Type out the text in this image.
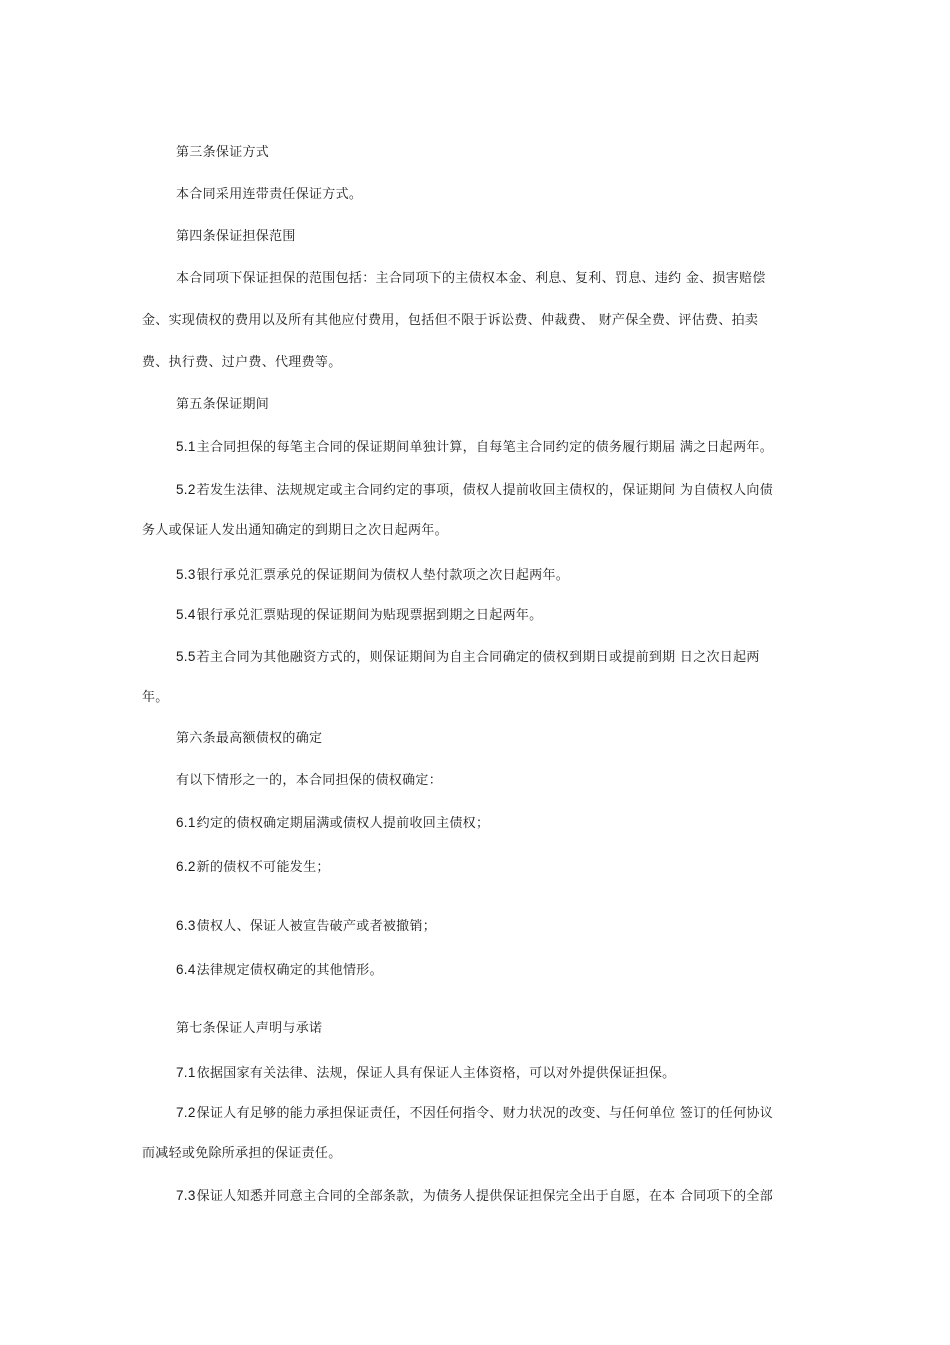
第三条保证方式
本合同采用连带责任保证方式。
第四条保证担保范围
本合同项下保证担保的范围包括：主合同项下的主债权本金、利息、复利、罚息、违约 金、损害赔偿
金、实现债权的费用以及所有其他应付费用，包括但不限于诉讼费、仲裁费、 财产保全费、评估费、拍卖
费、执行费、过户费、代理费等。
第五条保证期间
5.1主合同担保的每笔主合同的保证期间单独计算，自每笔主合同约定的债务履行期届 满之日起两年。
5.2若发生法律、法规规定或主合同约定的事项，债权人提前收回主债权的，保证期间 为自债权人向债
务人或保证人发出通知确定的到期日之次日起两年。
5.3银行承兑汇票承兑的保证期间为债权人垫付款项之次日起两年。
5.4银行承兑汇票贴现的保证期间为贴现票据到期之日起两年。
5.5若主合同为其他融资方式的，则保证期间为自主合同确定的债权到期日或提前到期 日之次日起两
年。
第六条最高额债权的确定
有以下情形之一的，本合同担保的债权确定：
6.1约定的债权确定期届满或债权人提前收回主债权；
6.2新的债权不可能发生；
6.3债权人、保证人被宣告破产或者被撤销；
6.4法律规定债权确定的其他情形。
第七条保证人声明与承诺
7.1依据国家有关法律、法规，保证人具有保证人主体资格，可以对外提供保证担保。
7.2保证人有足够的能力承担保证责任，不因任何指令、财力状况的改变、与任何单位 签订的任何协议
而减轻或免除所承担的保证责任。
7.3保证人知悉并同意主合同的全部条款，为债务人提供保证担保完全出于自愿，在本 合同项下的全部
